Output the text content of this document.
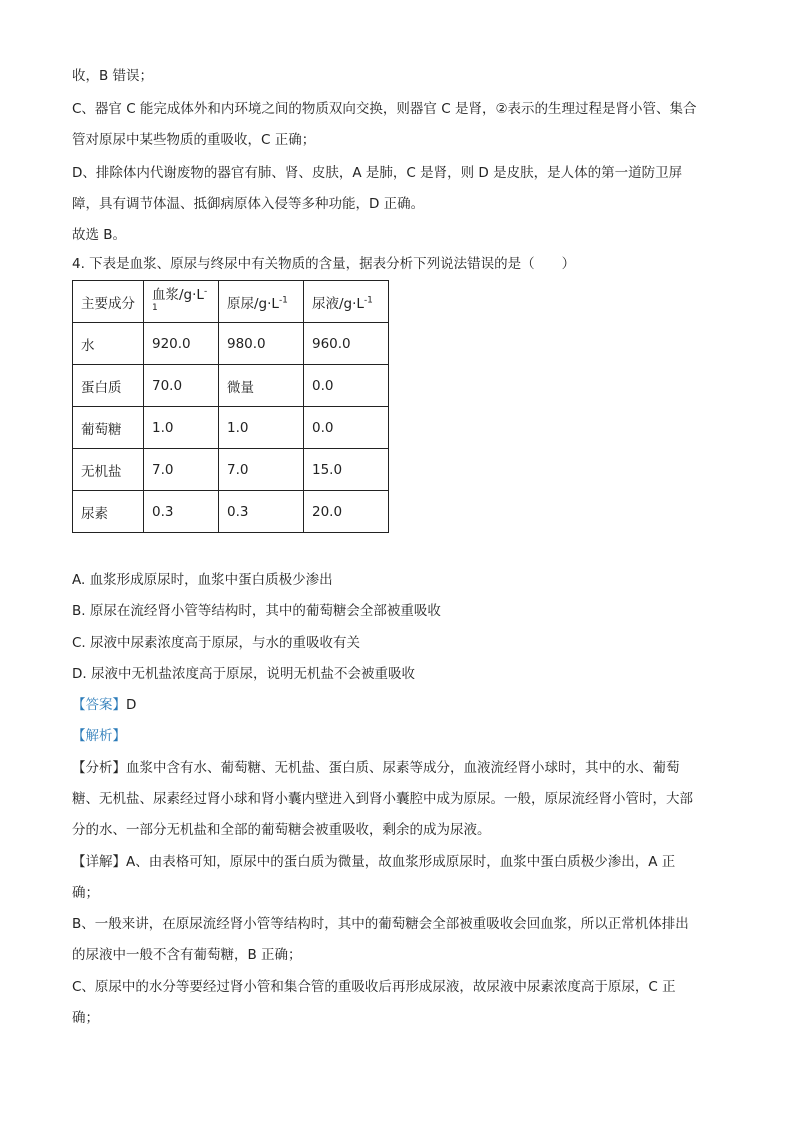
收，B 错误；
C、器官 C 能完成体外和内环境之间的物质双向交换，则器官 C 是肾，②表示的生理过程是肾小管、集合
管对原尿中某些物质的重吸收，C 正确；
D、排除体内代谢废物的器官有肺、肾、皮肤，A 是肺，C 是肾，则 D 是皮肤，是人体的第一道防卫屏
障，具有调节体温、抵御病原体入侵等多种功能，D 正确。
故选 B。
4. 下表是血浆、原尿与终尿中有关物质的含量，据表分析下列说法错误的是（　　）
A. 血浆形成原尿时，血浆中蛋白质极少渗出
B. 原尿在流经肾小管等结构时，其中的葡萄糖会全部被重吸收
C. 尿液中尿素浓度高于原尿，与水的重吸收有关
D. 尿液中无机盐浓度高于原尿，说明无机盐不会被重吸收
【答案】D
【解析】
【分析】血浆中含有水、葡萄糖、无机盐、蛋白质、尿素等成分，血液流经肾小球时，其中的水、葡萄
糖、无机盐、尿素经过肾小球和肾小囊内壁进入到肾小囊腔中成为原尿。一般，原尿流经肾小管时，大部
分的水、一部分无机盐和全部的葡萄糖会被重吸收，剩余的成为尿液。
【详解】A、由表格可知，原尿中的蛋白质为微量，故血浆形成原尿时，血浆中蛋白质极少渗出，A 正
确；
B、一般来讲，在原尿流经肾小管等结构时，其中的葡萄糖会全部被重吸收会回血浆，所以正常机体排出
的尿液中一般不含有葡萄糖，B 正确；
C、原尿中的水分等要经过肾小管和集合管的重吸收后再形成尿液，故尿液中尿素浓度高于原尿，C 正
确；
主要成分	血浆$/g\cdot L^{-1}$	原尿$/g\cdot L^{-1}$	尿液$/g\cdot L^{-1}$
水	920.0	980.0	960.0
蛋白质	70.0	微量	0.0
葡萄糖	1.0	1.0	0.0
无机盐	7.0	7.0	15.0
尿素	0.3	0.3	20.0
